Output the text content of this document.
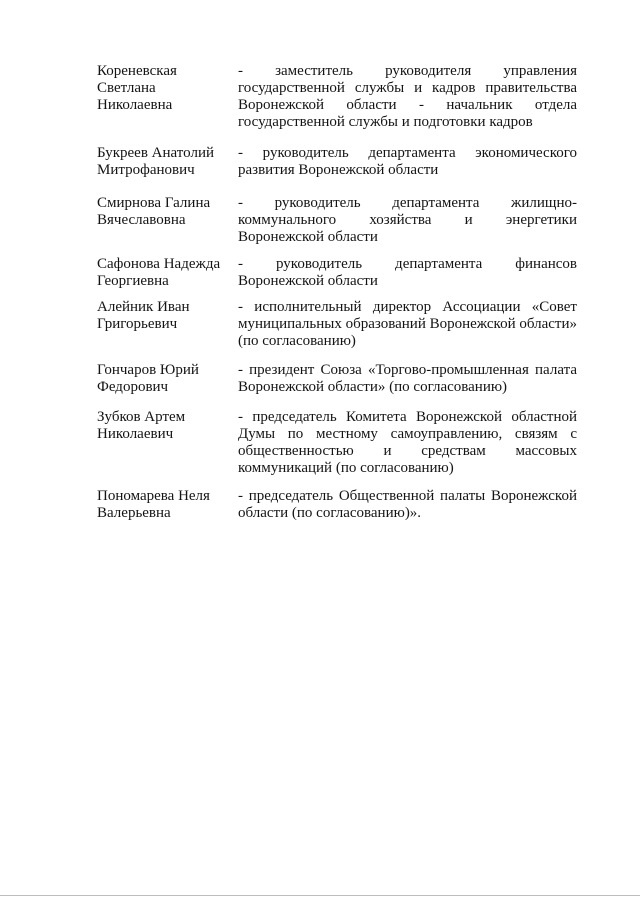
Кореневская Светлана Николаевна
- заместитель руководителя управления государственной службы и кадров правительства Воронежской области - начальник отдела государственной службы и подготовки кадров
Букреев Анатолий Митрофанович
- руководитель департамента экономического развития Воронежской области
Смирнова Галина Вячеславовна
- руководитель департамента жилищно-коммунального хозяйства и энергетики Воронежской области
Сафонова Надежда Георгиевна
- руководитель департамента финансов Воронежской области
Алейник Иван Григорьевич
- исполнительный директор Ассоциации «Совет муниципальных образований Воронежской области» (по согласованию)
Гончаров Юрий Федорович
- президент Союза «Торгово-промышленная палата Воронежской области» (по согласованию)
Зубков Артем Николаевич
- председатель Комитета Воронежской областной Думы по местному самоуправлению, связям с общественностью и средствам массовых коммуникаций (по согласованию)
Пономарева Неля Валерьевна
- председатель Общественной палаты Воронежской области (по согласованию)».
